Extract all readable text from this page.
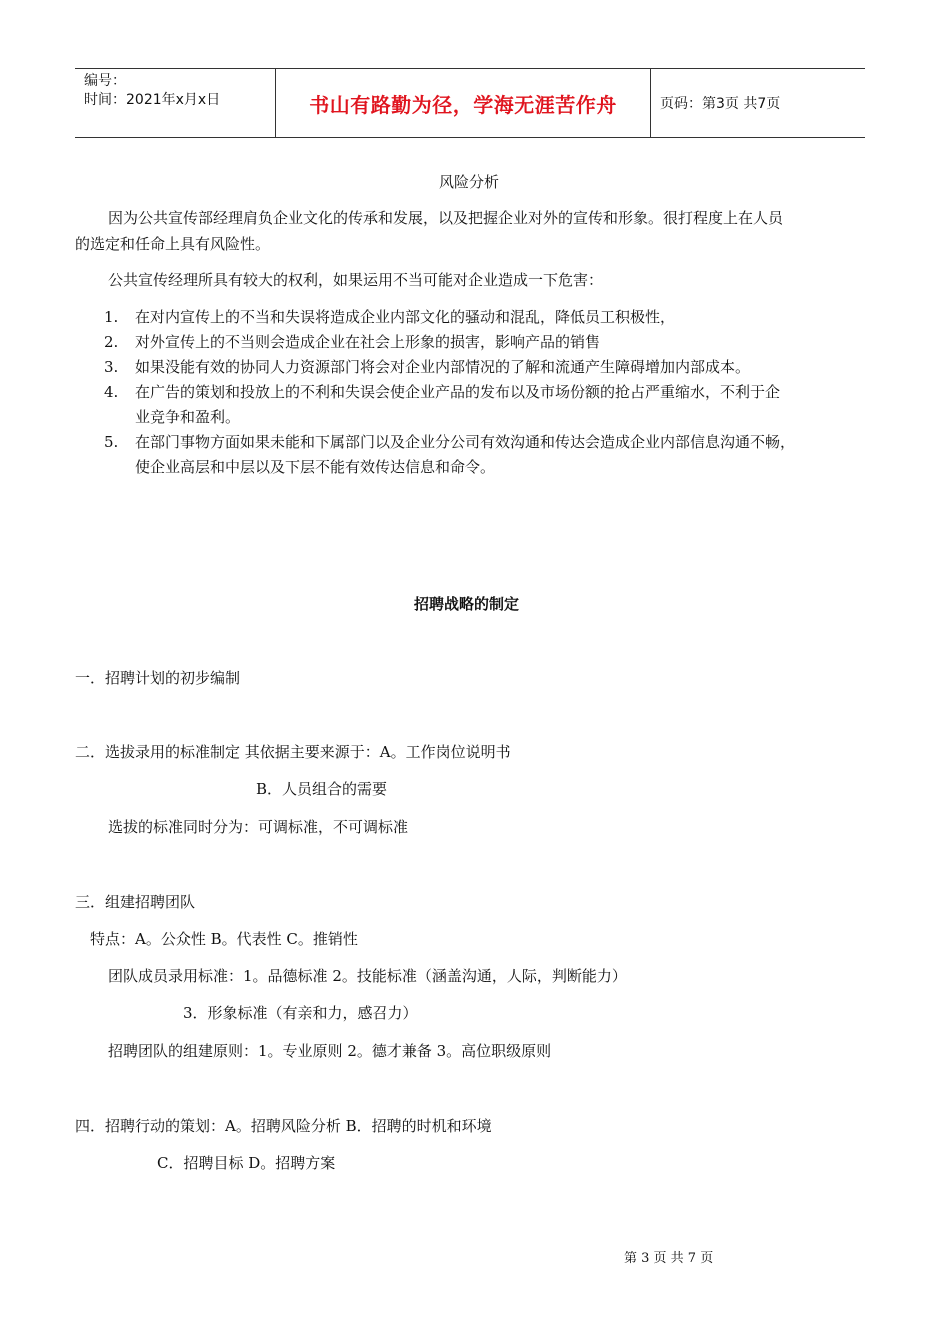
编号：
时间：2021年x月x日	书山有路勤为径，学海无涯苦作舟	页码：第3页 共7页
风险分析
因为公共宣传部经理肩负企业文化的传承和发展，以及把握企业对外的宣传和形象。很打程度上在人员
的选定和任命上具有风险性。
公共宣传经理所具有较大的权利，如果运用不当可能对企业造成一下危害：
1. 在对内宣传上的不当和失误将造成企业内部文化的骚动和混乱，降低员工积极性，
2. 对外宣传上的不当则会造成企业在社会上形象的损害，影响产品的销售
3. 如果没能有效的协同人力资源部门将会对企业内部情况的了解和流通产生障碍增加内部成本。
4. 在广告的策划和投放上的不利和失误会使企业产品的发布以及市场份额的抢占严重缩水，不利于企
业竞争和盈利。
5. 在部门事物方面如果未能和下属部门以及企业分公司有效沟通和传达会造成企业内部信息沟通不畅，
使企业高层和中层以及下层不能有效传达信息和命令。
招聘战略的制定
一．招聘计划的初步编制
二．选拔录用的标准制定 其依据主要来源于：A。工作岗位说明书
B．人员组合的需要
选拔的标准同时分为：可调标准，不可调标准
三．组建招聘团队
特点：A。公众性 B。代表性 C。推销性
团队成员录用标准：1。品德标准 2。技能标准（涵盖沟通，人际，判断能力）
3．形象标准（有亲和力，感召力）
招聘团队的组建原则：1。专业原则 2。德才兼备 3。高位职级原则
四．招聘行动的策划：A。招聘风险分析 B．招聘的时机和环境
C．招聘目标 D。招聘方案
第 3 页 共 7 页
